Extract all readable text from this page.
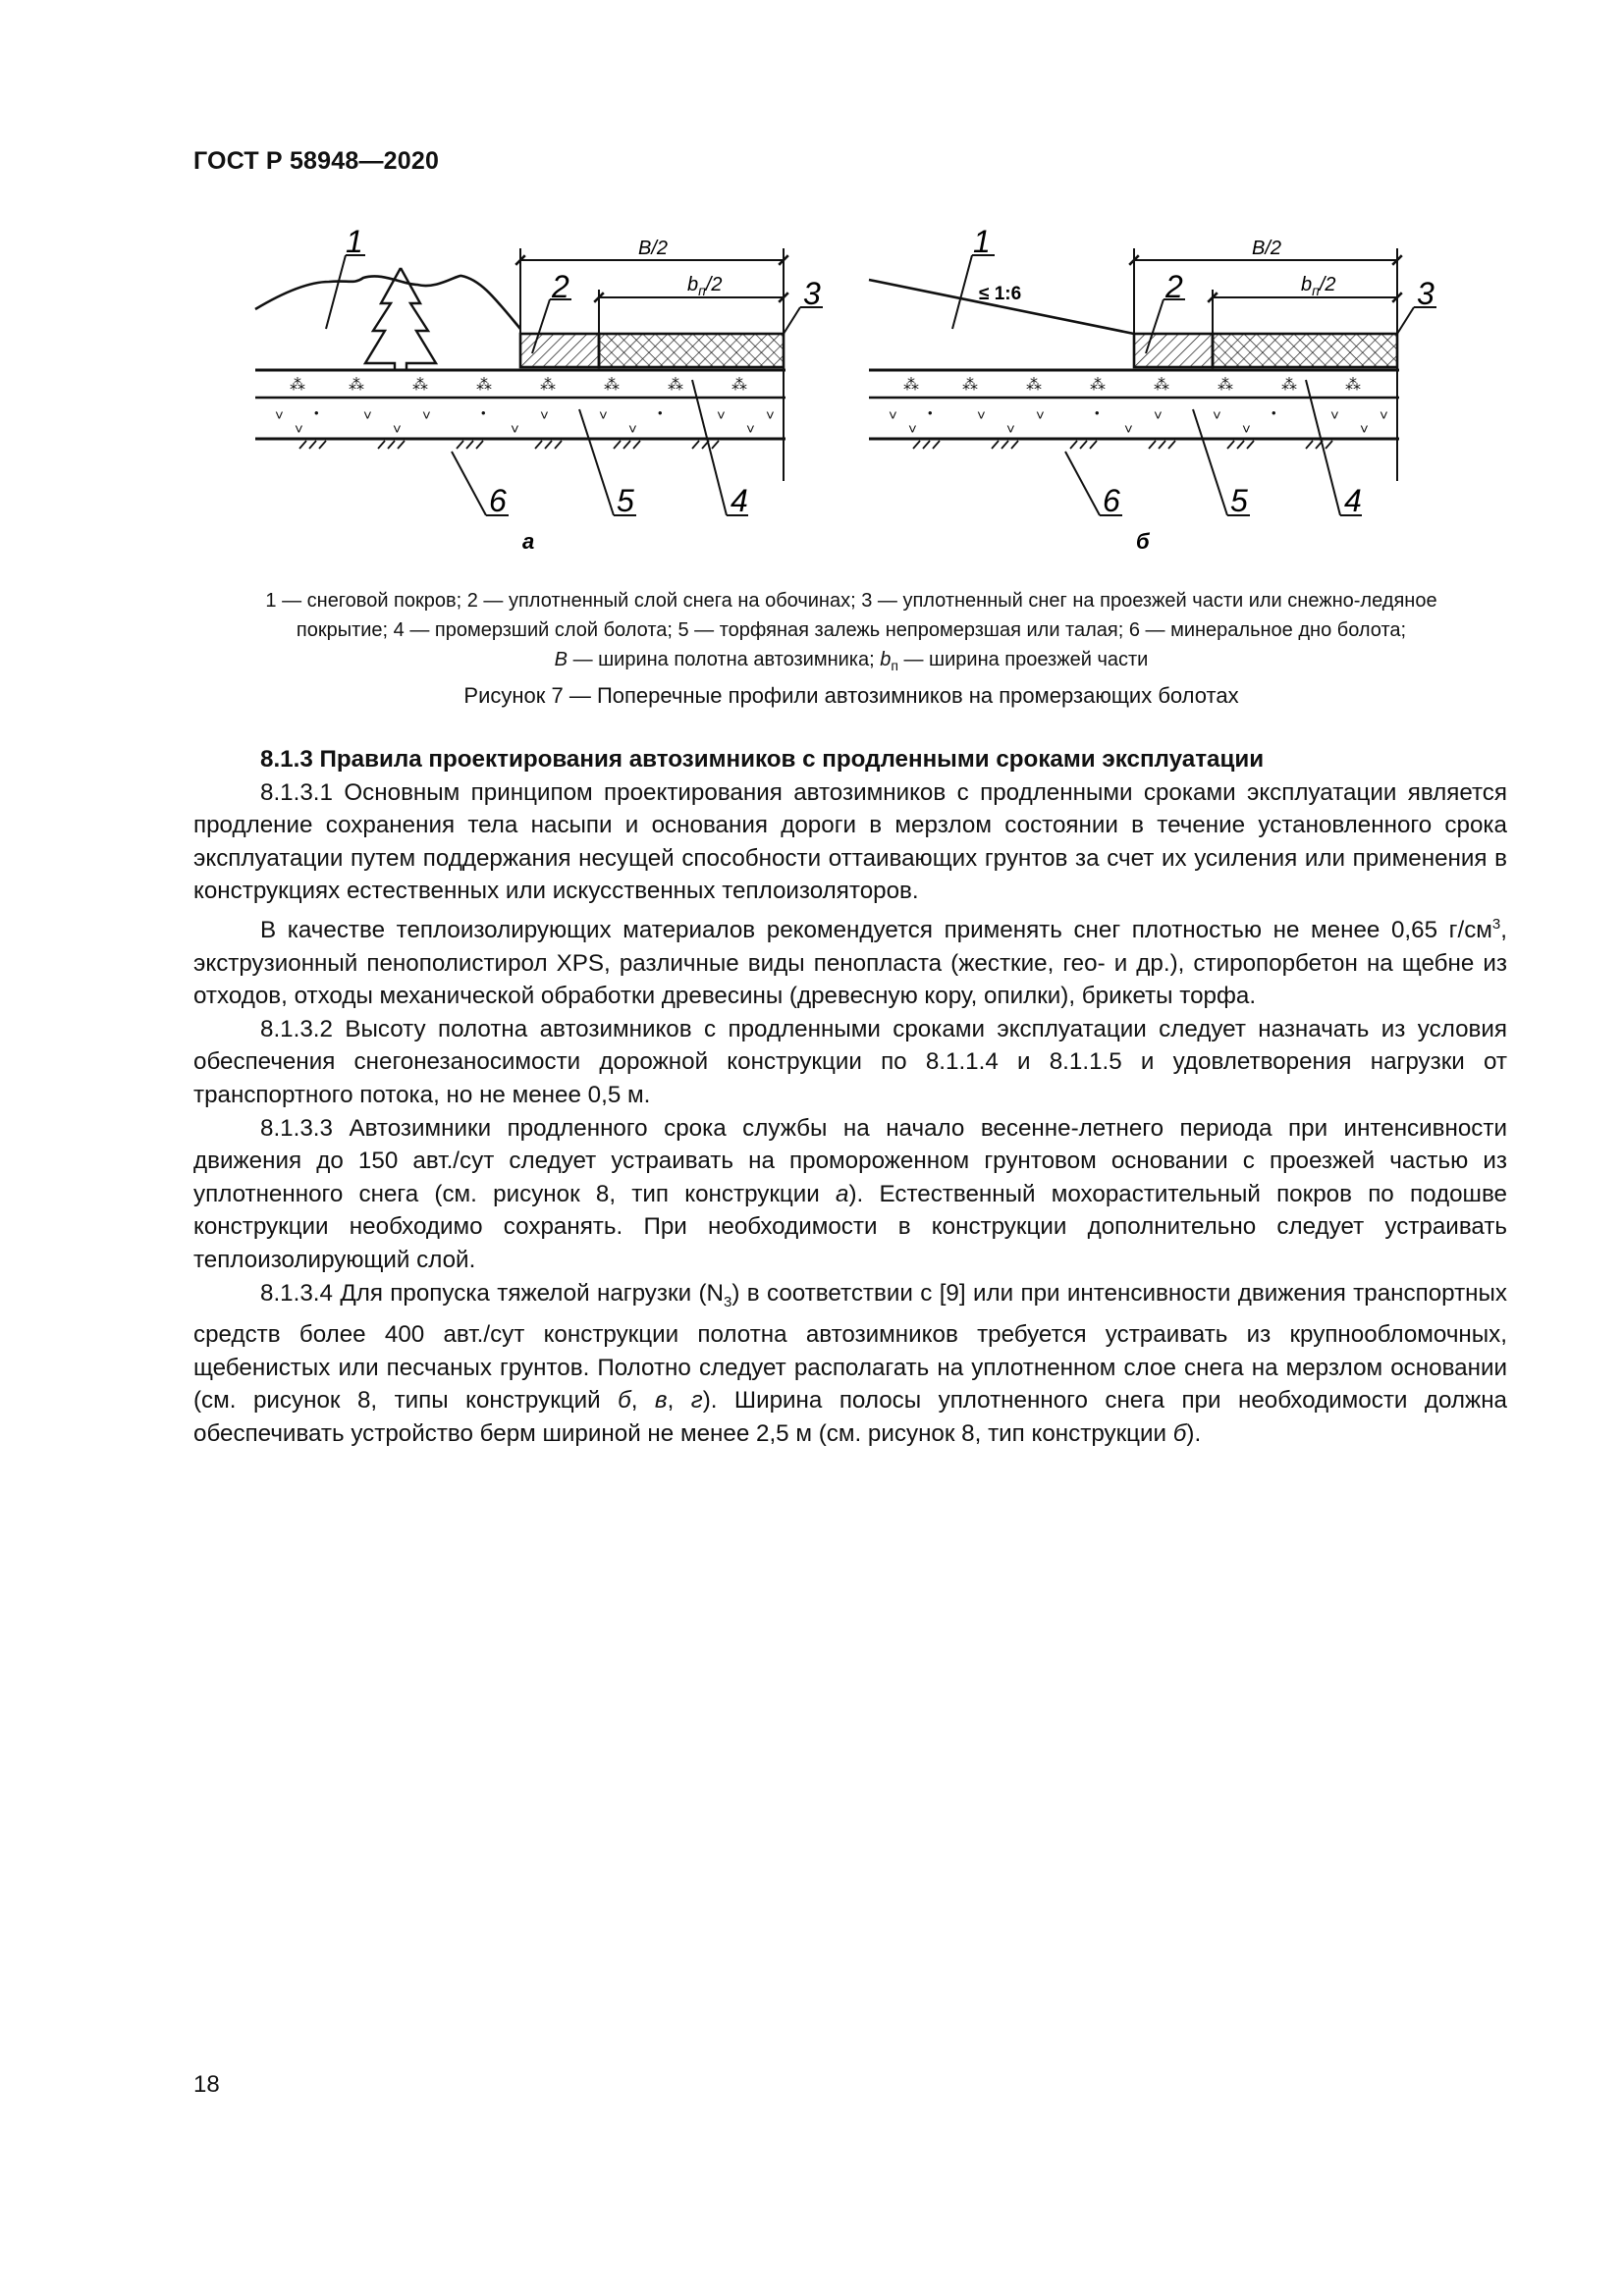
ГОСТ Р 58948—2020
⁂	⁂	⁂	⁂	⁂	⁂	⁂	⁂
˅ •	˅	˅	•	˅	˅	•	˅	˅
˅	˅	˅	˅	˅
B/2
$b_п/2$
1
2	3
4
5
6
а
⁂	⁂	⁂	⁂	⁂	⁂	⁂	⁂
˅ •	˅	˅	•	˅	˅	•	˅	˅
˅	˅	˅	˅	˅
B/2
$b_п/2$
≤ 1:6
1
2	3
4
5
6
б
1 — снеговой покров; 2 — уплотненный слой снега на обочинах; 3 — уплотненный снег на проезжей части или снежно-ледяное
покрытие; 4 — промерзший слой болота; 5 — торфяная залежь непромерзшая или талая; 6 — минеральное дно болота;
B — ширина полотна автозимника; $b_п$ — ширина проезжей части
Рисунок 7 — Поперечные профили автозимников на промерзающих болотах

8.1.3 Правила проектирования автозимников с продленными сроками эксплуатации

8.1.3.1 Основным принципом проектирования автозимников с продленными сроками эксплуатации является продление сохранения тела насыпи и основания дороги в мерзлом состоянии в течение установленного срока эксплуатации путем поддержания несущей способности оттаивающих грунтов за счет их усиления или применения в конструкциях естественных или искусственных теплоизоляторов.

В качестве теплоизолирующих материалов рекомендуется применять снег плотностью не менее 0,65 $г/см^3$, экструзионный пенополистирол XPS, различные виды пенопласта (жесткие, гео- и др.), стиропорбетон на щебне из отходов, отходы механической обработки древесины (древесную кору, опилки), брикеты торфа.

8.1.3.2 Высоту полотна автозимников с продленными сроками эксплуатации следует назначать из условия обеспечения снегонезаносимости дорожной конструкции по 8.1.1.4 и 8.1.1.5 и удовлетворения нагрузки от транспортного потока, но не менее 0,5 м.

8.1.3.3 Автозимники продленного срока службы на начало весенне-летнего периода при интенсивности движения до 150 авт./сут следует устраивать на промороженном грунтовом основании с проезжей частью из уплотненного снега (см. рисунок 8, тип конструкции а). Естественный мохорастительный покров по подошве конструкции необходимо сохранять. При необходимости в конструкции дополнительно следует устраивать теплоизолирующий слой.

8.1.3.4 Для пропуска тяжелой нагрузки $(N_3)$ в соответствии с [9] или при интенсивности движения транспортных средств более 400 авт./сут конструкции полотна автозимников требуется устраивать из крупнообломочных, щебенистых или песчаных грунтов. Полотно следует располагать на уплотненном слое снега на мерзлом основании (см. рисунок 8, типы конструкций б, в, г). Ширина полосы уплотненного снега при необходимости должна обеспечивать устройство берм шириной не менее 2,5 м (см. рисунок 8, тип конструкции б).

18
